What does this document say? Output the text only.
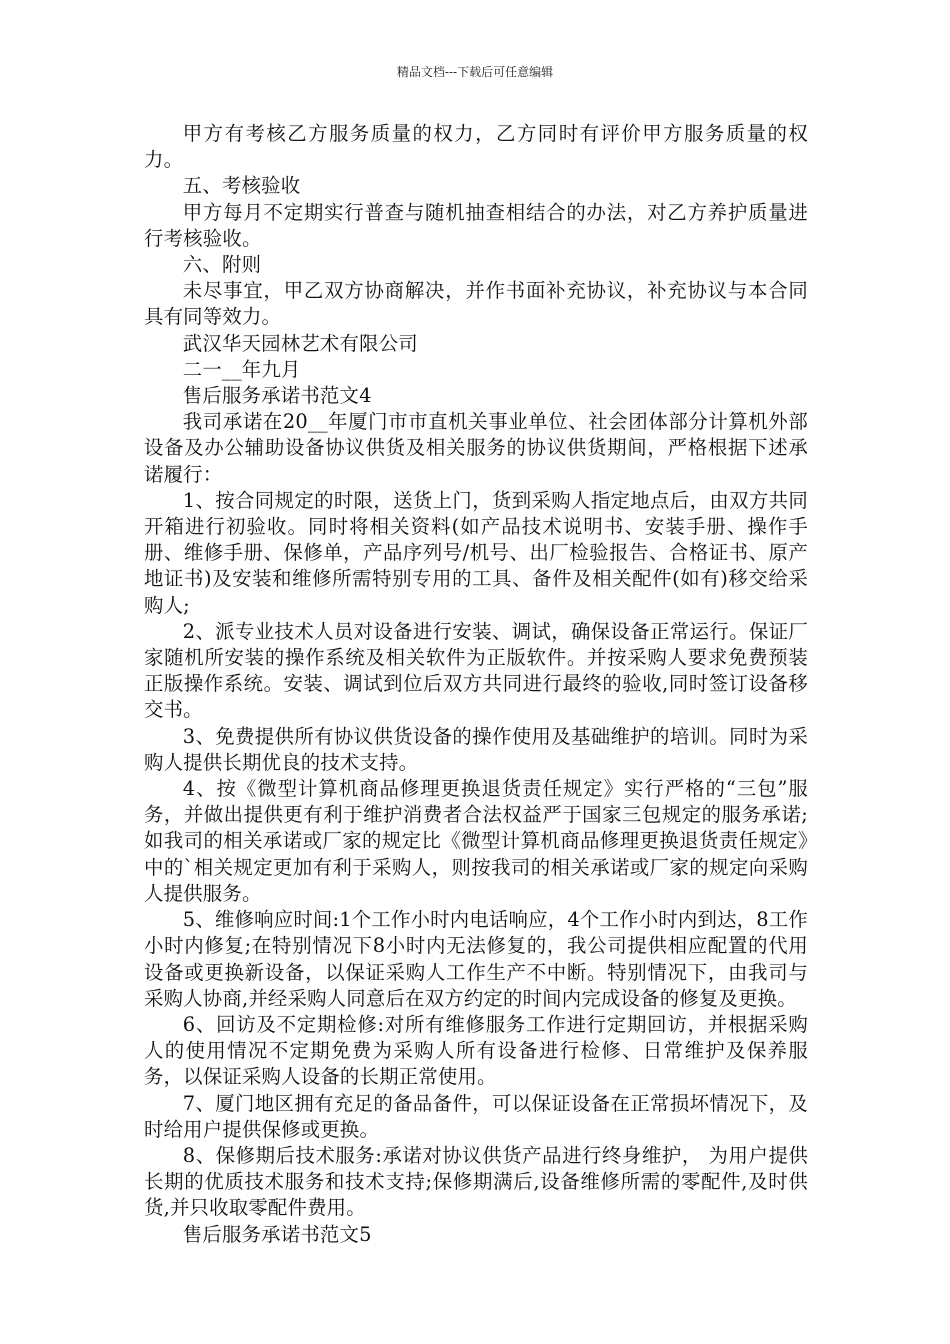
精品文档---下载后可任意编辑

甲方有考核乙方服务质量的权力，乙方同时有评价甲方服务质量的权力。

五、考核验收

甲方每月不定期实行普查与随机抽查相结合的办法，对乙方养护质量进行考核验收。

六、附则

未尽事宜，甲乙双方协商解决，并作书面补充协议，补充协议与本合同具有同等效力。

武汉华天园林艺术有限公司

二一__年九月

售后服务承诺书范文4

我司承诺在20__年厦门市市直机关事业单位、社会团体部分计算机外部设备及办公辅助设备协议供货及相关服务的协议供货期间，严格根据下述承诺履行：

1、按合同规定的时限，送货上门，货到采购人指定地点后，由双方共同开箱进行初验收。同时将相关资料(如产品技术说明书、安装手册、操作手册、维修手册、保修单，产品序列号/机号、出厂检验报告、合格证书、原产地证书)及安装和维修所需特别专用的工具、备件及相关配件(如有)移交给采购人;

2、派专业技术人员对设备进行安装、调试，确保设备正常运行。保证厂家随机所安装的操作系统及相关软件为正版软件。并按采购人要求免费预装正版操作系统。安装、调试到位后双方共同进行最终的验收,同时签订设备移交书。

3、免费提供所有协议供货设备的操作使用及基础维护的培训。同时为采购人提供长期优良的技术支持。

4、按《微型计算机商品修理更换退货责任规定》实行严格的“三包”服务，并做出提供更有利于维护消费者合法权益严于国家三包规定的服务承诺;如我司的相关承诺或厂家的规定比《微型计算机商品修理更换退货责任规定》中的`相关规定更加有利于采购人，则按我司的相关承诺或厂家的规定向采购人提供服务。

5、维修响应时间:1个工作小时内电话响应，4个工作小时内到达，8工作小时内修复;在特别情况下8小时内无法修复的，我公司提供相应配置的代用设备或更换新设备，以保证采购人工作生产不中断。特别情况下，由我司与采购人协商,并经采购人同意后在双方约定的时间内完成设备的修复及更换。

6、回访及不定期检修:对所有维修服务工作进行定期回访，并根据采购人的使用情况不定期免费为采购人所有设备进行检修、日常维护及保养服务，以保证采购人设备的长期正常使用。

7、厦门地区拥有充足的备品备件，可以保证设备在正常损坏情况下，及时给用户提供保修或更换。

8、保修期后技术服务:承诺对协议供货产品进行终身维护， 为用户提供长期的优质技术服务和技术支持;保修期满后,设备维修所需的零配件,及时供货,并只收取零配件费用。

售后服务承诺书范文5
